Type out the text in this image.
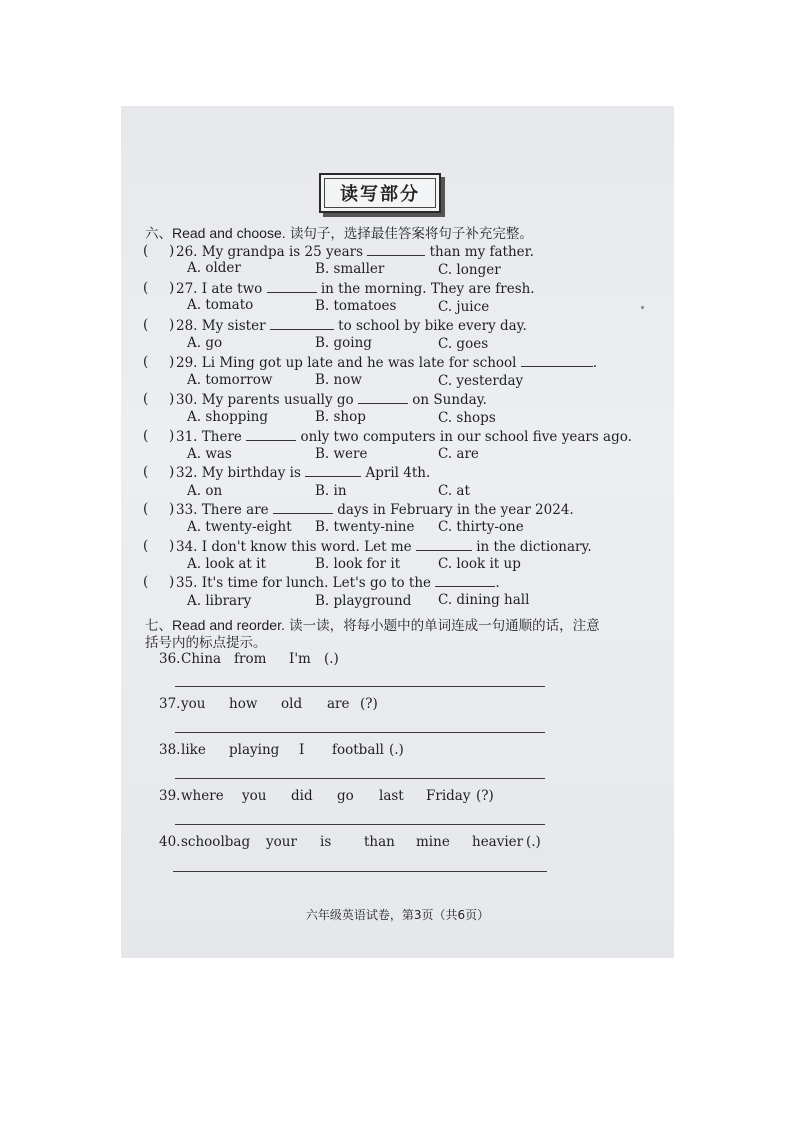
读写部分
六、Read and choose. 读句子，选择最佳答案将句子补充完整。
( ) 26. My grandpa is 25 years	than my father.
A. older	B. smaller	C. longer
( ) 27. I ate two	in the morning. They are fresh.
A. tomato	B. tomatoes	C. juice
( ) 28. My sister	to school by bike every day.
A. go	B. going	C. goes
( ) 29. Li Ming got up late and he was late for school	.
A. tomorrow	B. now	C. yesterday
( ) 30. My parents usually go	on Sunday.
A. shopping	B. shop	C. shops
( ) 31. There	only two computers in our school five years ago.
A. was	B. were	C. are
( ) 32. My birthday is	April 4th.
A. on	B. in	C. at
( ) 33. There are	days in February in the year 2024.
A. twenty-eight B. twenty-nine C. thirty-one
( ) 34. I don't know this word. Let me	in the dictionary.
A. look at it	B. look for it	C. look it up
( ) 35. It's time for lunch. Let's go to the	.
A. library	B. playground C. dining hall
七、Read and reorder. 读一读，将每小题中的单词连成一句通顺的话，注意
括号内的标点提示。
36. China from I'm (.)
37. you how old are (?)
38. like playing I football (.)
39. where you did go last Friday (?)
40. schoolbag your is than mine heavier (.)
六年级英语试卷，第3页（共6页）
